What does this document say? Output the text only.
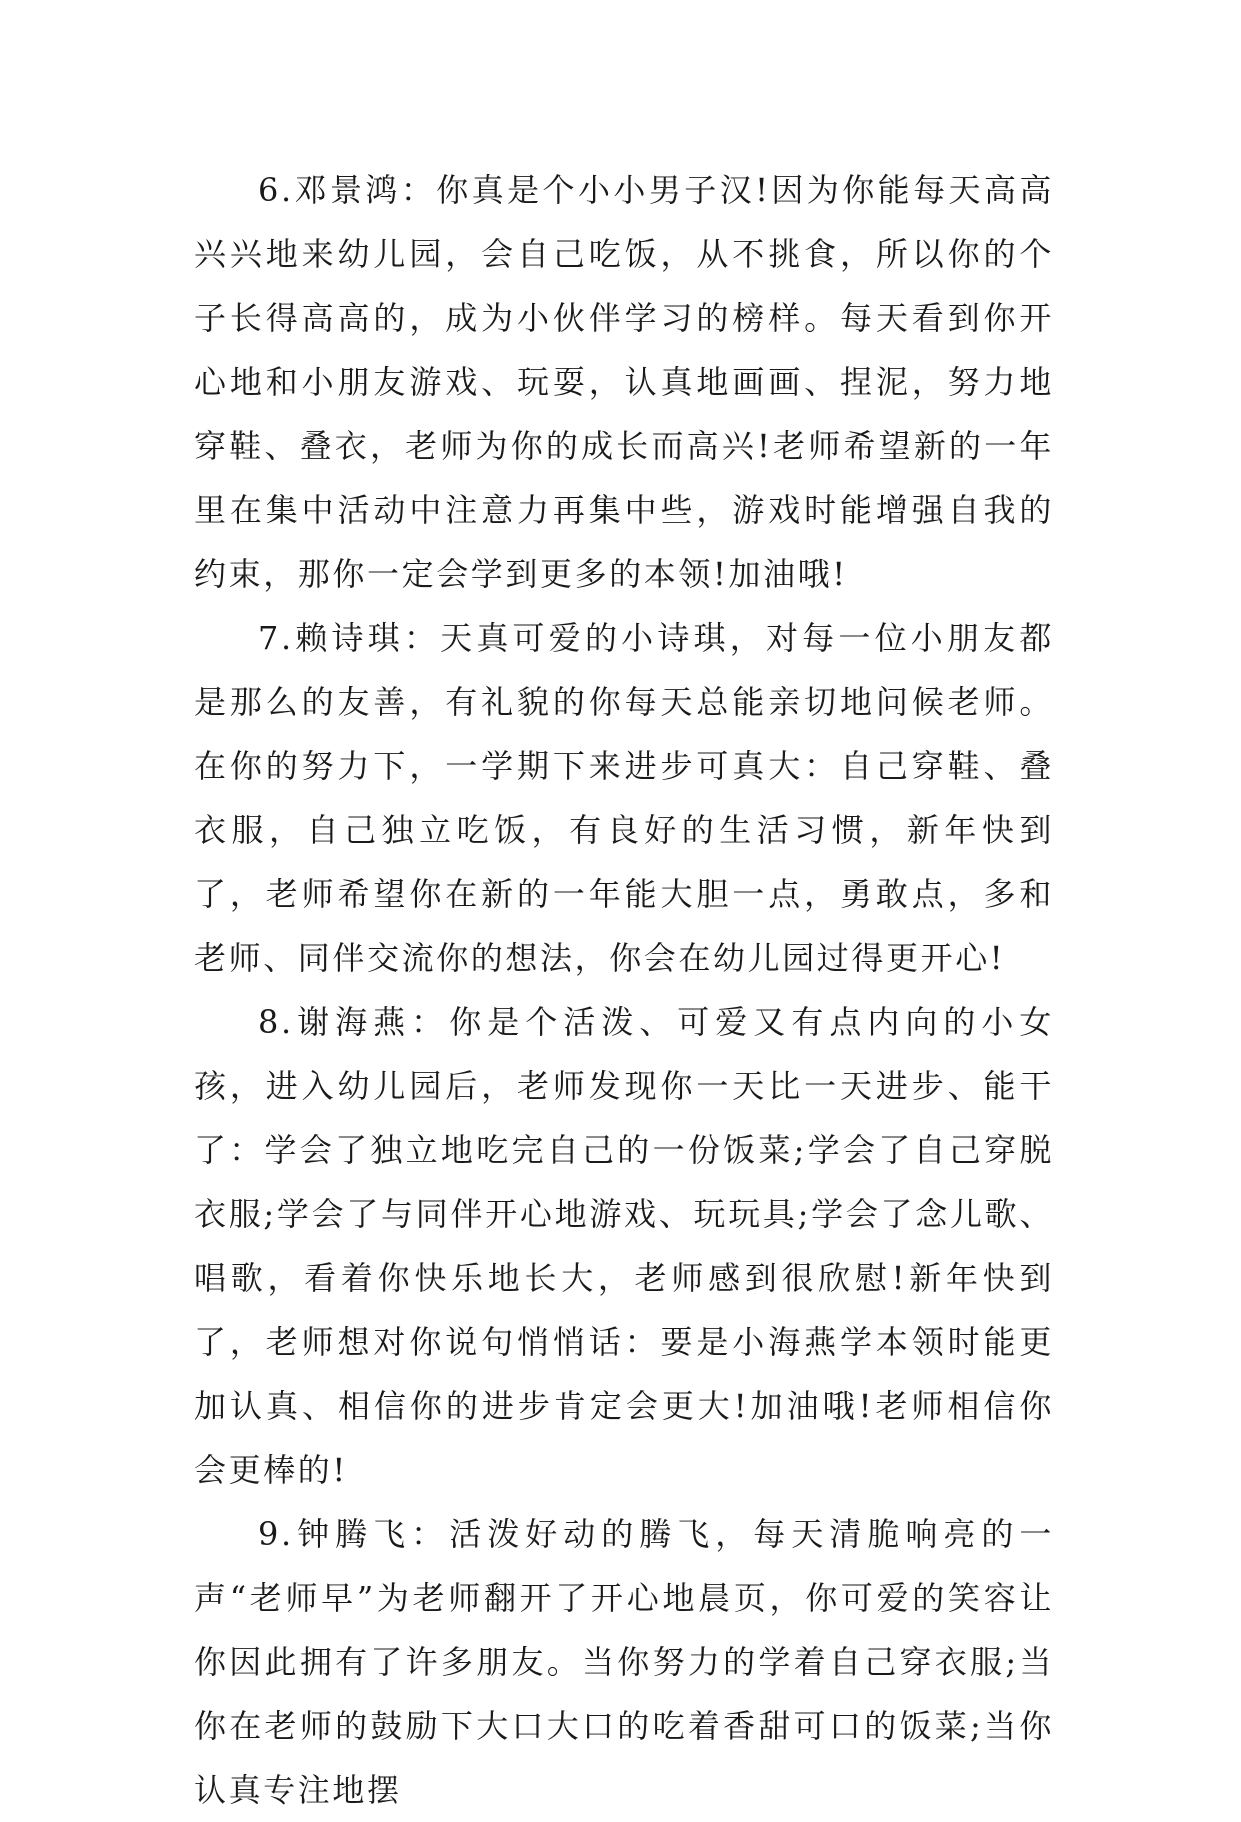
6.邓景鸿：你真是个小小男子汉!因为你能每天高高兴兴地来幼儿园，会自己吃饭，从不挑食，所以你的个子长得高高的，成为小伙伴学习的榜样。每天看到你开心地和小朋友游戏、玩耍，认真地画画、捏泥，努力地穿鞋、叠衣，老师为你的成长而高兴!老师希望新的一年里在集中活动中注意力再集中些，游戏时能增强自我的约束，那你一定会学到更多的本领!加油哦!

7.赖诗琪：天真可爱的小诗琪，对每一位小朋友都是那么的友善，有礼貌的你每天总能亲切地问候老师。在你的努力下，一学期下来进步可真大：自己穿鞋、叠衣服，自己独立吃饭，有良好的生活习惯，新年快到了，老师希望你在新的一年能大胆一点，勇敢点，多和老师、同伴交流你的想法，你会在幼儿园过得更开心!

8.谢海燕：你是个活泼、可爱又有点内向的小女孩，进入幼儿园后，老师发现你一天比一天进步、能干了：学会了独立地吃完自己的一份饭菜;学会了自己穿脱衣服;学会了与同伴开心地游戏、玩玩具;学会了念儿歌、唱歌，看着你快乐地长大，老师感到很欣慰!新年快到了，老师想对你说句悄悄话：要是小海燕学本领时能更加认真、相信你的进步肯定会更大!加油哦!老师相信你会更棒的!

9.钟腾飞：活泼好动的腾飞，每天清脆响亮的一声“老师早”为老师翻开了开心地晨页，你可爱的笑容让你因此拥有了许多朋友。当你努力的学着自己穿衣服;当你在老师的鼓励下大口大口的吃着香甜可口的饭菜;当你认真专注地摆
